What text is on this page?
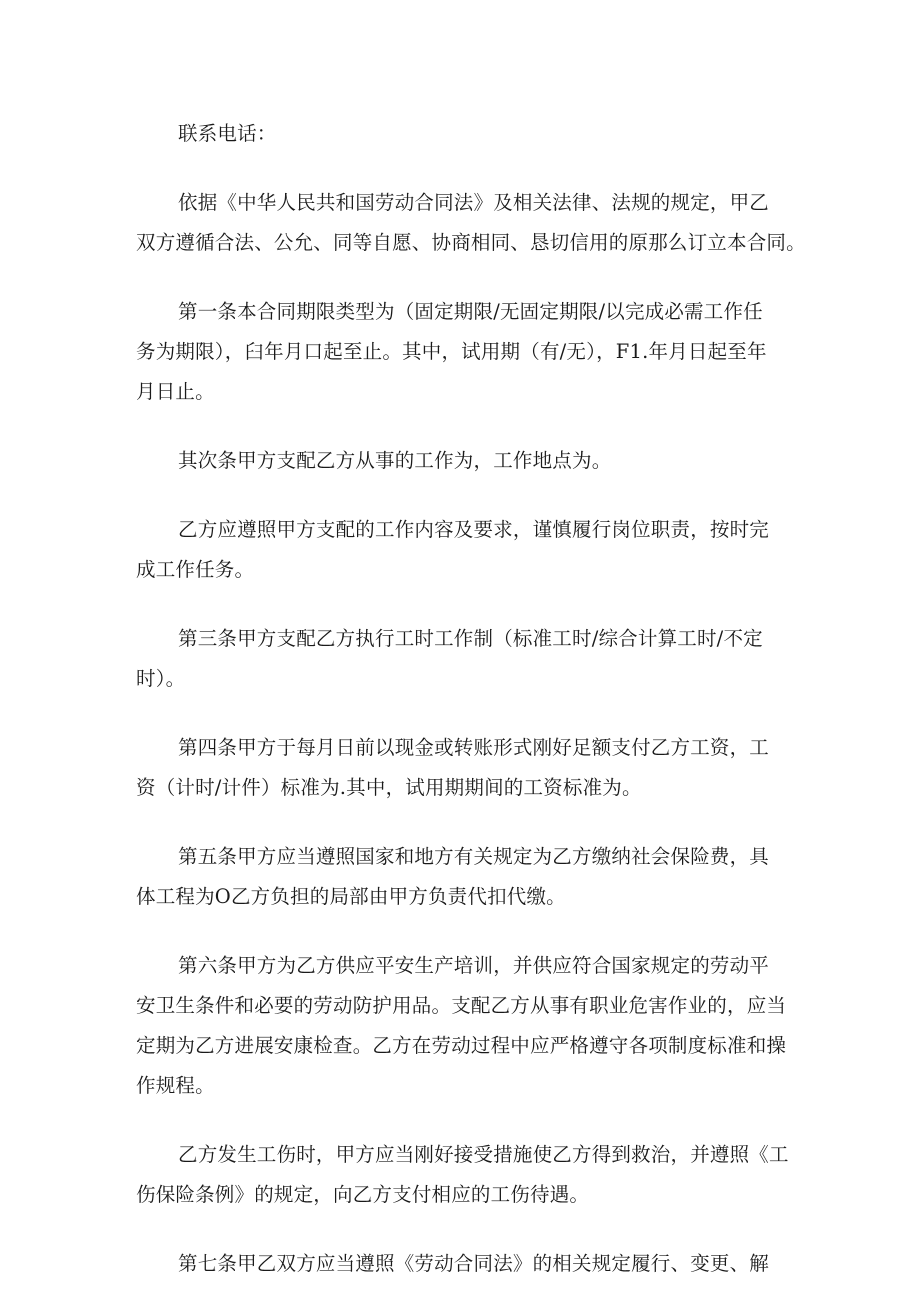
联系电话：
依据《中华人民共和国劳动合同法》及相关法律、法规的规定，甲乙
双方遵循合法、公允、同等自愿、协商相同、恳切信用的原那么订立本合同。
第一条本合同期限类型为（固定期限/无固定期限/以完成必需工作任
务为期限），臼年月口起至止。其中，试用期（有/无），F1.年月日起至年
月日止。
其次条甲方支配乙方从事的工作为，工作地点为。
乙方应遵照甲方支配的工作内容及要求，谨慎履行岗位职责，按时完
成工作任务。
第三条甲方支配乙方执行工时工作制（标准工时/综合计算工时/不定
时）。
第四条甲方于每月日前以现金或转账形式刚好足额支付乙方工资，工
资（计时/计件）标准为.其中，试用期期间的工资标准为。
第五条甲方应当遵照国家和地方有关规定为乙方缴纳社会保险费，具
体工程为O乙方负担的局部由甲方负责代扣代缴。
第六条甲方为乙方供应平安生产培训，并供应符合国家规定的劳动平
安卫生条件和必要的劳动防护用品。支配乙方从事有职业危害作业的，应当
定期为乙方进展安康检查。乙方在劳动过程中应严格遵守各项制度标准和操
作规程。
乙方发生工伤时，甲方应当刚好接受措施使乙方得到救治，并遵照《工
伤保险条例》的规定，向乙方支付相应的工伤待遇。
第七条甲乙双方应当遵照《劳动合同法》的相关规定履行、变更、解
